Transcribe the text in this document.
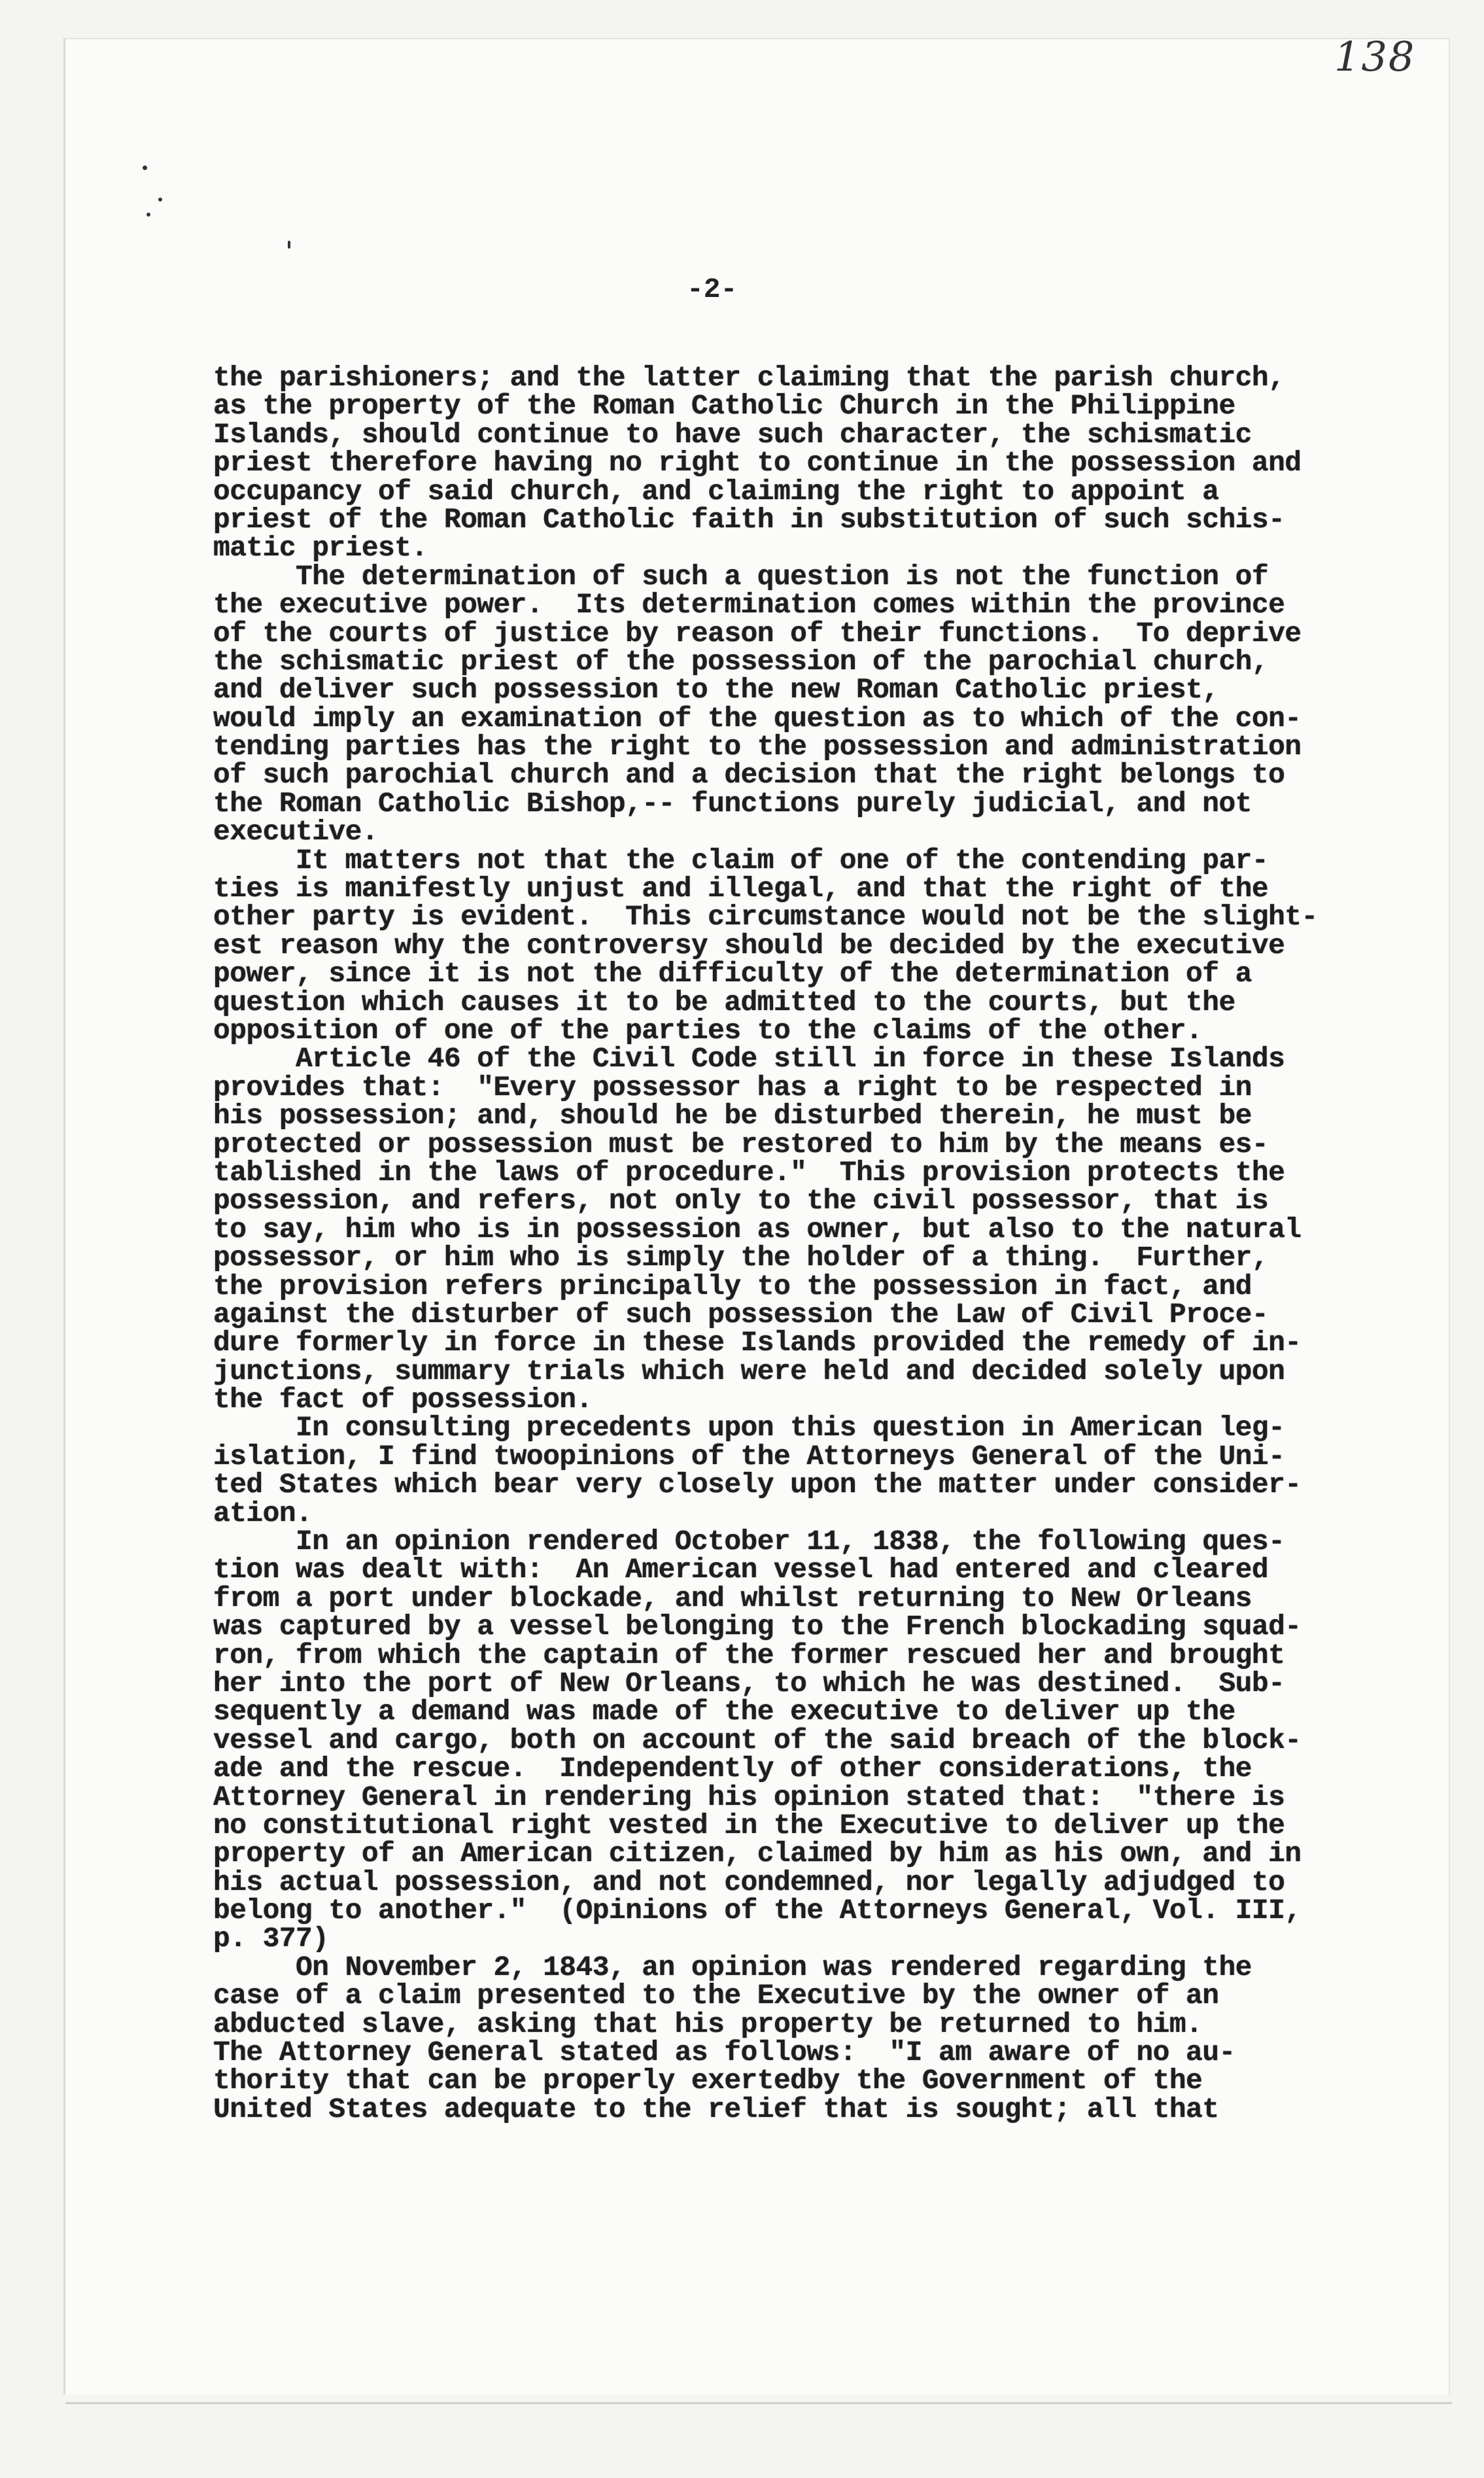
138
-2-
the parishioners; and the latter claiming that the parish church,
as the property of the Roman Catholic Church in the Philippine
Islands, should continue to have such character, the schismatic
priest therefore having no right to continue in the possession and
occupancy of said church, and claiming the right to appoint a
priest of the Roman Catholic faith in substitution of such schis-
matic priest.
The determination of such a question is not the function of
the executive power.  Its determination comes within the province
of the courts of justice by reason of their functions.  To deprive
the schismatic priest of the possession of the parochial church,
and deliver such possession to the new Roman Catholic priest,
would imply an examination of the question as to which of the con-
tending parties has the right to the possession and administration
of such parochial church and a decision that the right belongs to
the Roman Catholic Bishop,-- functions purely judicial, and not
executive.
It matters not that the claim of one of the contending par-
ties is manifestly unjust and illegal, and that the right of the
other party is evident.  This circumstance would not be the slight-
est reason why the controversy should be decided by the executive
power, since it is not the difficulty of the determination of a
question which causes it to be admitted to the courts, but the
opposition of one of the parties to the claims of the other.
Article 46 of the Civil Code still in force in these Islands
provides that:  "Every possessor has a right to be respected in
his possession; and, should he be disturbed therein, he must be
protected or possession must be restored to him by the means es-
tablished in the laws of procedure."  This provision protects the
possession, and refers, not only to the civil possessor, that is
to say, him who is in possession as owner, but also to the natural
possessor, or him who is simply the holder of a thing.  Further,
the provision refers principally to the possession in fact, and
against the disturber of such possession the Law of Civil Proce-
dure formerly in force in these Islands provided the remedy of in-
junctions, summary trials which were held and decided solely upon
the fact of possession.
In consulting precedents upon this question in American leg-
islation, I find twoopinions of the Attorneys General of the Uni-
ted States which bear very closely upon the matter under consider-
ation.
In an opinion rendered October 11, 1838, the following ques-
tion was dealt with:  An American vessel had entered and cleared
from a port under blockade, and whilst returning to New Orleans
was captured by a vessel belonging to the French blockading squad-
ron, from which the captain of the former rescued her and brought
her into the port of New Orleans, to which he was destined.  Sub-
sequently a demand was made of the executive to deliver up the
vessel and cargo, both on account of the said breach of the block-
ade and the rescue.  Independently of other considerations, the
Attorney General in rendering his opinion stated that:  "there is
no constitutional right vested in the Executive to deliver up the
property of an American citizen, claimed by him as his own, and in
his actual possession, and not condemned, nor legally adjudged to
belong to another."  (Opinions of the Attorneys General, Vol. III,
p. 377)
On November 2, 1843, an opinion was rendered regarding the
case of a claim presented to the Executive by the owner of an
abducted slave, asking that his property be returned to him.
The Attorney General stated as follows:  "I am aware of no au-
thority that can be properly exertedby the Government of the
United States adequate to the relief that is sought; all that
